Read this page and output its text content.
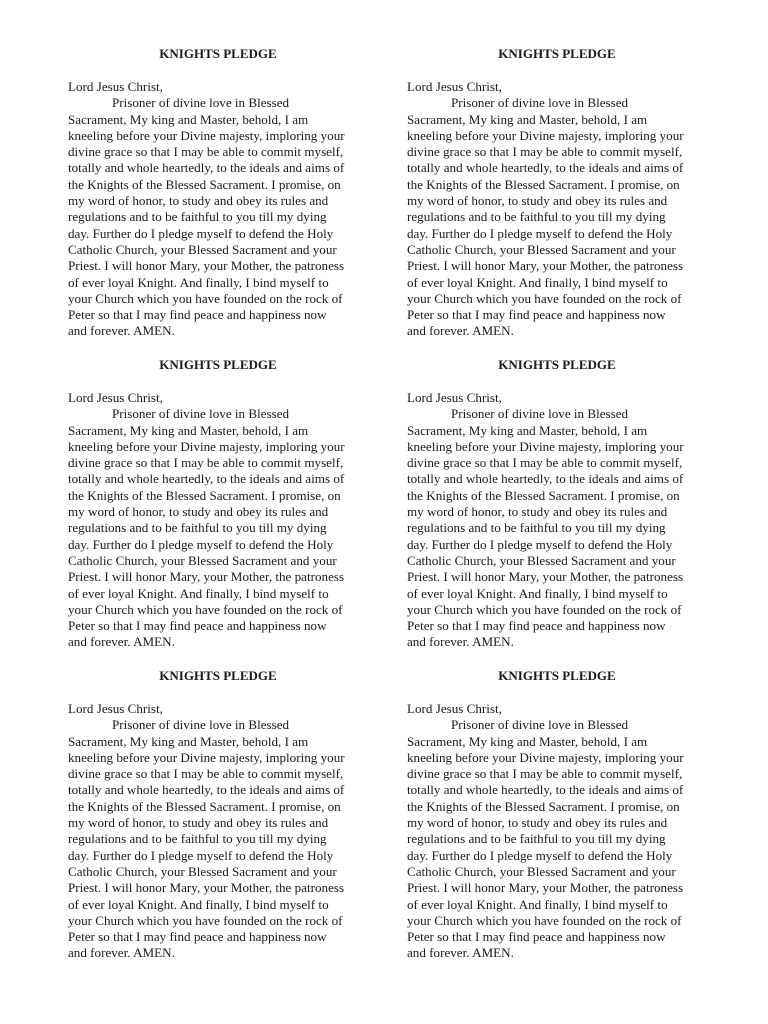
KNIGHTS PLEDGE
Lord Jesus Christ,
Prisoner of divine love in Blessed
Sacrament, My king and Master, behold, I am
kneeling before your Divine majesty, imploring your
divine grace so that I may be able to commit myself,
totally and whole heartedly, to the ideals and aims of
the Knights of the Blessed Sacrament. I promise, on
my word of honor, to study and obey its rules and
regulations and to be faithful to you till my dying
day. Further do I pledge myself to defend the Holy
Catholic Church, your Blessed Sacrament and your
Priest. I will honor Mary, your Mother, the patroness
of ever loyal Knight. And finally, I bind myself to
your Church which you have founded on the rock of
Peter so that I may find peace and happiness now
and forever. AMEN.
KNIGHTS PLEDGE
Lord Jesus Christ,
Prisoner of divine love in Blessed
Sacrament, My king and Master, behold, I am
kneeling before your Divine majesty, imploring your
divine grace so that I may be able to commit myself,
totally and whole heartedly, to the ideals and aims of
the Knights of the Blessed Sacrament. I promise, on
my word of honor, to study and obey its rules and
regulations and to be faithful to you till my dying
day. Further do I pledge myself to defend the Holy
Catholic Church, your Blessed Sacrament and your
Priest. I will honor Mary, your Mother, the patroness
of ever loyal Knight. And finally, I bind myself to
your Church which you have founded on the rock of
Peter so that I may find peace and happiness now
and forever. AMEN.
KNIGHTS PLEDGE
Lord Jesus Christ,
Prisoner of divine love in Blessed
Sacrament, My king and Master, behold, I am
kneeling before your Divine majesty, imploring your
divine grace so that I may be able to commit myself,
totally and whole heartedly, to the ideals and aims of
the Knights of the Blessed Sacrament. I promise, on
my word of honor, to study and obey its rules and
regulations and to be faithful to you till my dying
day. Further do I pledge myself to defend the Holy
Catholic Church, your Blessed Sacrament and your
Priest. I will honor Mary, your Mother, the patroness
of ever loyal Knight. And finally, I bind myself to
your Church which you have founded on the rock of
Peter so that I may find peace and happiness now
and forever. AMEN.
KNIGHTS PLEDGE
Lord Jesus Christ,
Prisoner of divine love in Blessed
Sacrament, My king and Master, behold, I am
kneeling before your Divine majesty, imploring your
divine grace so that I may be able to commit myself,
totally and whole heartedly, to the ideals and aims of
the Knights of the Blessed Sacrament. I promise, on
my word of honor, to study and obey its rules and
regulations and to be faithful to you till my dying
day. Further do I pledge myself to defend the Holy
Catholic Church, your Blessed Sacrament and your
Priest. I will honor Mary, your Mother, the patroness
of ever loyal Knight. And finally, I bind myself to
your Church which you have founded on the rock of
Peter so that I may find peace and happiness now
and forever. AMEN.
KNIGHTS PLEDGE
Lord Jesus Christ,
Prisoner of divine love in Blessed
Sacrament, My king and Master, behold, I am
kneeling before your Divine majesty, imploring your
divine grace so that I may be able to commit myself,
totally and whole heartedly, to the ideals and aims of
the Knights of the Blessed Sacrament. I promise, on
my word of honor, to study and obey its rules and
regulations and to be faithful to you till my dying
day. Further do I pledge myself to defend the Holy
Catholic Church, your Blessed Sacrament and your
Priest. I will honor Mary, your Mother, the patroness
of ever loyal Knight. And finally, I bind myself to
your Church which you have founded on the rock of
Peter so that I may find peace and happiness now
and forever. AMEN.
KNIGHTS PLEDGE
Lord Jesus Christ,
Prisoner of divine love in Blessed
Sacrament, My king and Master, behold, I am
kneeling before your Divine majesty, imploring your
divine grace so that I may be able to commit myself,
totally and whole heartedly, to the ideals and aims of
the Knights of the Blessed Sacrament. I promise, on
my word of honor, to study and obey its rules and
regulations and to be faithful to you till my dying
day. Further do I pledge myself to defend the Holy
Catholic Church, your Blessed Sacrament and your
Priest. I will honor Mary, your Mother, the patroness
of ever loyal Knight. And finally, I bind myself to
your Church which you have founded on the rock of
Peter so that I may find peace and happiness now
and forever. AMEN.
